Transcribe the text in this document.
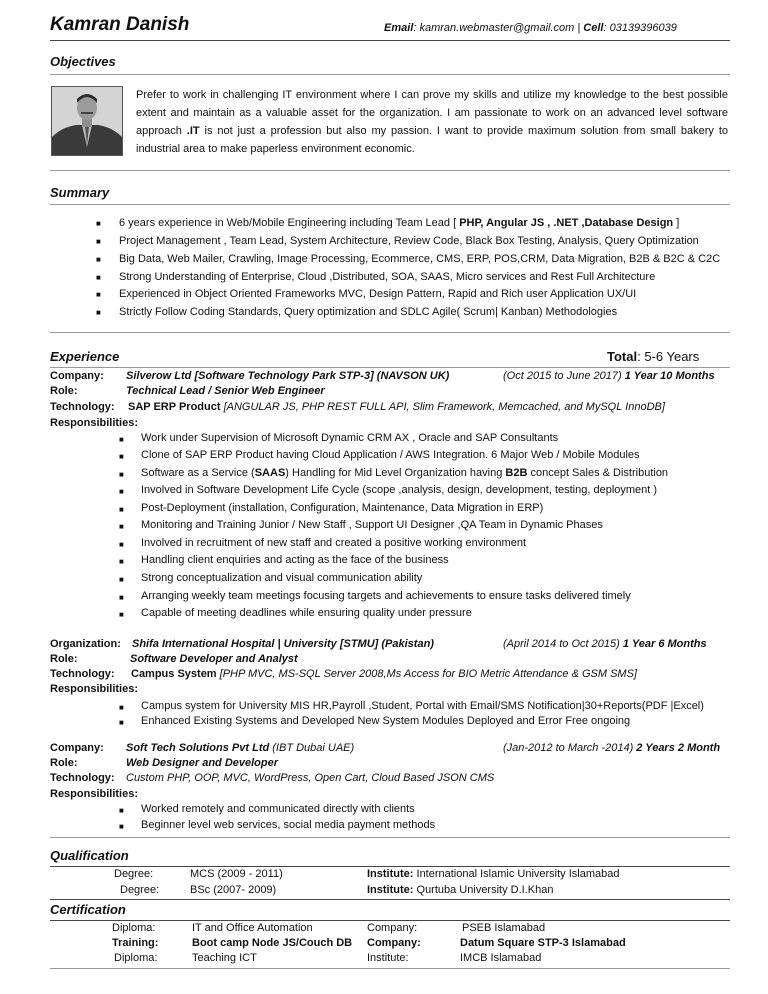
Kamran Danish	Email: kamran.webmaster@gmail.com | Cell: 03139396039
Objectives
Prefer to work in challenging IT environment where I can prove my skills and utilize my knowledge to the best possible extent and maintain as a valuable asset for the organization. I am passionate to work on an advanced level software approach .IT is not just a profession but also my passion. I want to provide maximum solution from small bakery to industrial area to make paperless environment economic.
Summary
■ 6 years experience in Web/Mobile Engineering including Team Lead [ PHP, Angular JS , .NET ,Database Design ]
■ Project Management , Team Lead, System Architecture, Review Code, Black Box Testing, Analysis, Query Optimization
■ Big Data, Web Mailer, Crawling, Image Processing, Ecommerce, CMS, ERP, POS,CRM, Data Migration, B2B & B2C & C2C
■ Strong Understanding of Enterprise, Cloud ,Distributed, SOA, SAAS, Micro services and Rest Full Architecture
■ Experienced in Object Oriented Frameworks MVC, Design Pattern, Rapid and Rich user Application UX/UI
■ Strictly Follow Coding Standards, Query optimization and SDLC Agile( Scrum| Kanban) Methodologies
Experience	Total: 5-6 Years
Company: Silverow Ltd [Software Technology Park STP-3] (NAVSON UK)	(Oct 2015 to June 2017) 1 Year 10 Months
Role:	Technical Lead / Senior Web Engineer
Technology: SAP ERP Product [ANGULAR JS, PHP REST FULL API, Slim Framework, Memcached, and MySQL InnoDB]
Responsibilities:
■ Work under Supervision of Microsoft Dynamic CRM AX , Oracle and SAP Consultants
■ Clone of SAP ERP Product having Cloud Application / AWS Integration. 6 Major Web / Mobile Modules
■ Software as a Service (SAAS) Handling for Mid Level Organization having B2B concept Sales & Distribution
■ Involved in Software Development Life Cycle (scope ,analysis, design, development, testing, deployment )
■ Post-Deployment (installation, Configuration, Maintenance, Data Migration in ERP)
■ Monitoring and Training Junior / New Staff , Support UI Designer ,QA Team in Dynamic Phases
■ Involved in recruitment of new staff and created a positive working environment
■ Handling client enquiries and acting as the face of the business
■ Strong conceptualization and visual communication ability
■ Arranging weekly team meetings focusing targets and achievements to ensure tasks delivered timely
■ Capable of meeting deadlines while ensuring quality under pressure
Organization: Shifa International Hospital | University [STMU] (Pakistan)	(April 2014 to Oct 2015) 1 Year 6 Months
Role:	Software Developer and Analyst
Technology: Campus System [PHP MVC, MS-SQL Server 2008,Ms Access for BIO Metric Attendance & GSM SMS]
Responsibilities:
■ Campus system for University MIS HR,Payroll ,Student, Portal with Email/SMS Notification|30+Reports(PDF |Excel)
■ Enhanced Existing Systems and Developed New System Modules Deployed and Error Free ongoing
Company: Soft Tech Solutions Pvt Ltd (IBT Dubai UAE)	(Jan-2012 to March -2014) 2 Years 2 Month
Role:	Web Designer and Developer
Technology: Custom PHP, OOP, MVC, WordPress, Open Cart, Cloud Based JSON CMS
Responsibilities:
■ Worked remotely and communicated directly with clients
■ Beginner level web services, social media payment methods
Qualification
Degree:	MCS (2009 - 2011)	Institute: International Islamic University Islamabad
Degree:	BSc (2007- 2009)	Institute: Qurtuba University D.I.Khan
Certification
Diploma:	IT and Office Automation	Company:	PSEB Islamabad
Training:	Boot camp Node JS/Couch DB Company:	Datum Square STP-3 Islamabad
Diploma:	Teaching ICT	Institute:	IMCB Islamabad
